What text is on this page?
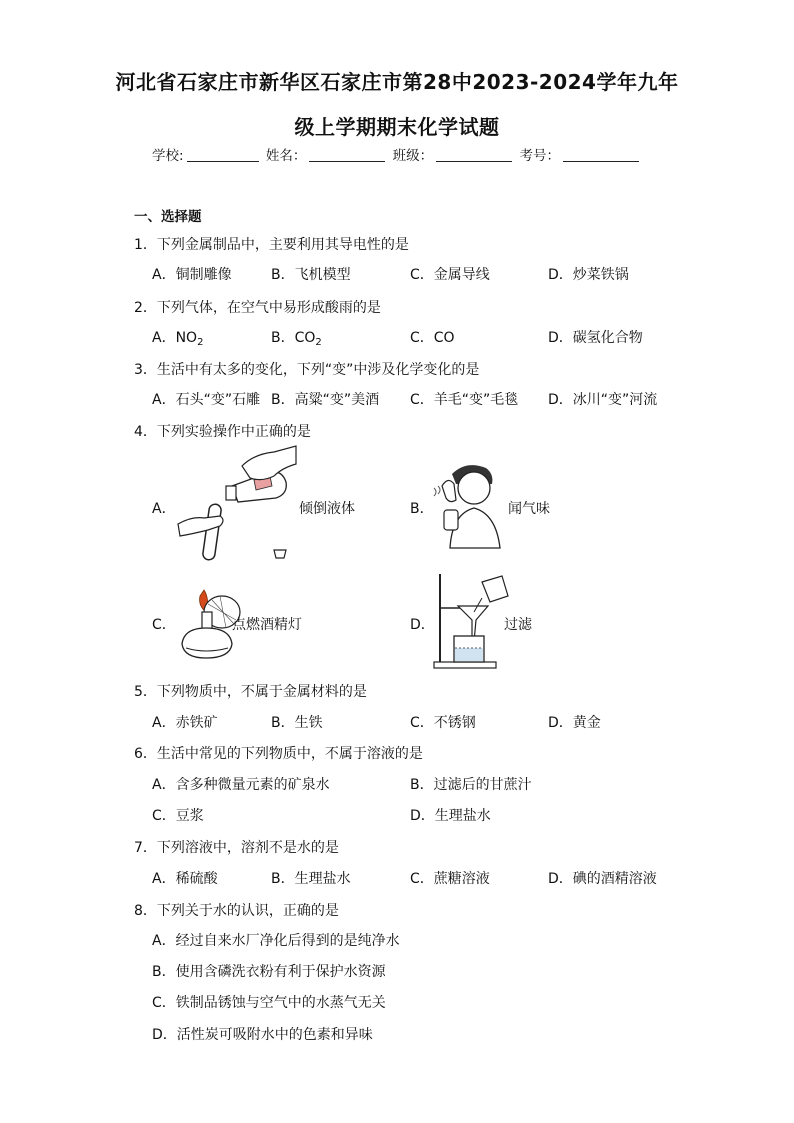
河北省石家庄市新华区石家庄市第28中2023-2024学年九年
级上学期期末化学试题
学校:	姓名：	班级：	考号：
一、选择题
1．下列金属制品中，主要利用其导电性的是
A．铜制雕像	B．飞机模型	C．金属导线	D．炒菜铁锅
2．下列气体，在空气中易形成酸雨的是
A．$NO_2$	B．$CO_2$	C．CO	D．碳氢化合物
3．生活中有太多的变化，下列“变”中涉及化学变化的是
A．石头“变”石雕 B．高粱“变”美酒 C．羊毛“变”毛毯 D．冰川“变”河流
4．下列实验操作中正确的是
A．	倾倒液体	B．	闻气味
C．	点燃酒精灯	D．	过滤
5．下列物质中，不属于金属材料的是
A．赤铁矿	B．生铁	C．不锈钢	D．黄金
6．生活中常见的下列物质中，不属于溶液的是
A．含多种微量元素的矿泉水	B．过滤后的甘蔗汁
C．豆浆	D．生理盐水
7．下列溶液中，溶剂不是水的是
A．稀硫酸	B．生理盐水	C．蔗糖溶液	D．碘的酒精溶液
8．下列关于水的认识，正确的是
A．经过自来水厂净化后得到的是纯净水
B．使用含磷洗衣粉有利于保护水资源
C．铁制品锈蚀与空气中的水蒸气无关
D．活性炭可吸附水中的色素和异味
